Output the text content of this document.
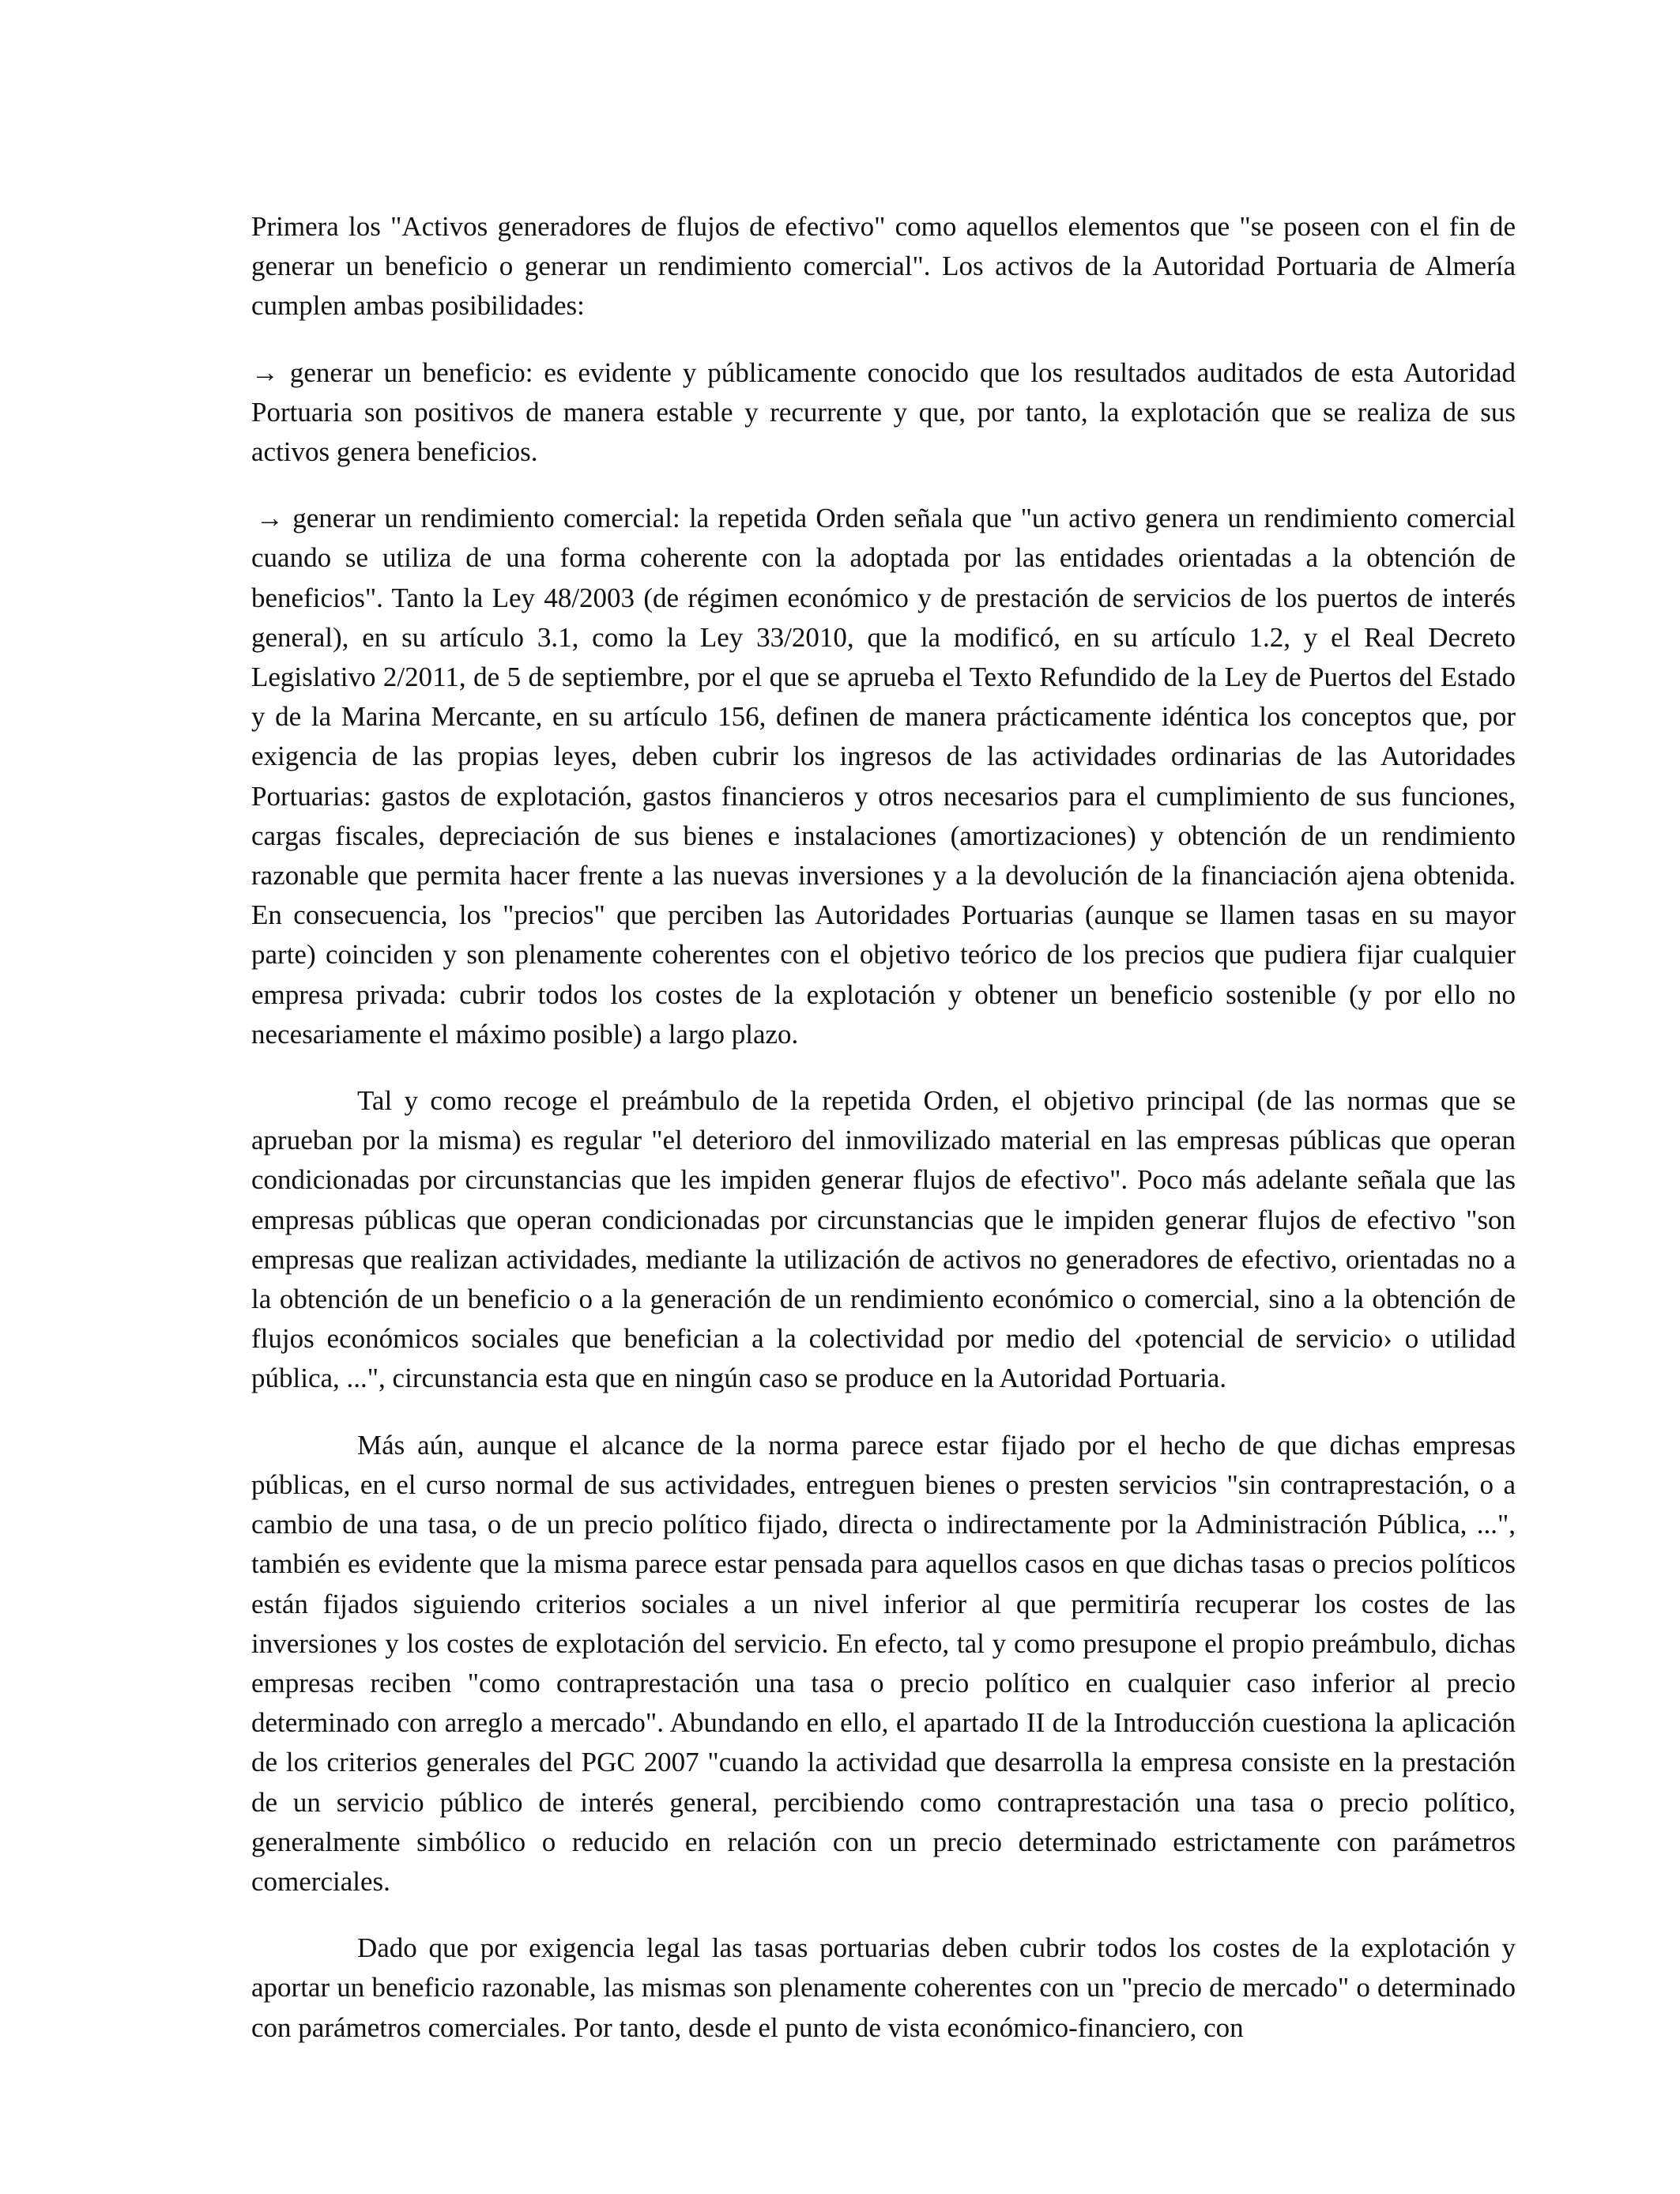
Primera los "Activos generadores de flujos de efectivo" como aquellos elementos que "se poseen con el fin de generar un beneficio o generar un rendimiento comercial". Los activos de la Autoridad Portuaria de Almería cumplen ambas posibilidades:

→ generar un beneficio: es evidente y públicamente conocido que los resultados auditados de esta Autoridad Portuaria son positivos de manera estable y recurrente y que, por tanto, la explotación que se realiza de sus activos genera beneficios.

→ generar un rendimiento comercial: la repetida Orden señala que "un activo genera un rendimiento comercial cuando se utiliza de una forma coherente con la adoptada por las entidades orientadas a la obtención de beneficios". Tanto la Ley 48/2003 (de régimen económico y de prestación de servicios de los puertos de interés general), en su artículo 3.1, como la Ley 33/2010, que la modificó, en su artículo 1.2, y el Real Decreto Legislativo 2/2011, de 5 de septiembre, por el que se aprueba el Texto Refundido de la Ley de Puertos del Estado y de la Marina Mercante, en su artículo 156, definen de manera prácticamente idéntica los conceptos que, por exigencia de las propias leyes, deben cubrir los ingresos de las actividades ordinarias de las Autoridades Portuarias: gastos de explotación, gastos financieros y otros necesarios para el cumplimiento de sus funciones, cargas fiscales, depreciación de sus bienes e instalaciones (amortizaciones) y obtención de un rendimiento razonable que permita hacer frente a las nuevas inversiones y a la devolución de la financiación ajena obtenida. En consecuencia, los "precios" que perciben las Autoridades Portuarias (aunque se llamen tasas en su mayor parte) coinciden y son plenamente coherentes con el objetivo teórico de los precios que pudiera fijar cualquier empresa privada: cubrir todos los costes de la explotación y obtener un beneficio sostenible (y por ello no necesariamente el máximo posible) a largo plazo.

Tal y como recoge el preámbulo de la repetida Orden, el objetivo principal (de las normas que se aprueban por la misma) es regular "el deterioro del inmovilizado material en las empresas públicas que operan condicionadas por circunstancias que les impiden generar flujos de efectivo". Poco más adelante señala que las empresas públicas que operan condicionadas por circunstancias que le impiden generar flujos de efectivo "son empresas que realizan actividades, mediante la utilización de activos no generadores de efectivo, orientadas no a la obtención de un beneficio o a la generación de un rendimiento económico o comercial, sino a la obtención de flujos económicos sociales que benefician a la colectividad por medio del ‹potencial de servicio› o utilidad pública, ...", circunstancia esta que en ningún caso se produce en la Autoridad Portuaria.

Más aún, aunque el alcance de la norma parece estar fijado por el hecho de que dichas empresas públicas, en el curso normal de sus actividades, entreguen bienes o presten servicios "sin contraprestación, o a cambio de una tasa, o de un precio político fijado, directa o indirectamente por la Administración Pública, ...", también es evidente que la misma parece estar pensada para aquellos casos en que dichas tasas o precios políticos están fijados siguiendo criterios sociales a un nivel inferior al que permitiría recuperar los costes de las inversiones y los costes de explotación del servicio. En efecto, tal y como presupone el propio preámbulo, dichas empresas reciben "como contraprestación una tasa o precio político en cualquier caso inferior al precio determinado con arreglo a mercado". Abundando en ello, el apartado II de la Introducción cuestiona la aplicación de los criterios generales del PGC 2007 "cuando la actividad que desarrolla la empresa consiste en la prestación de un servicio público de interés general, percibiendo como contraprestación una tasa o precio político, generalmente simbólico o reducido en relación con un precio determinado estrictamente con parámetros comerciales.

Dado que por exigencia legal las tasas portuarias deben cubrir todos los costes de la explotación y aportar un beneficio razonable, las mismas son plenamente coherentes con un "precio de mercado" o determinado con parámetros comerciales. Por tanto, desde el punto de vista económico-financiero, con
